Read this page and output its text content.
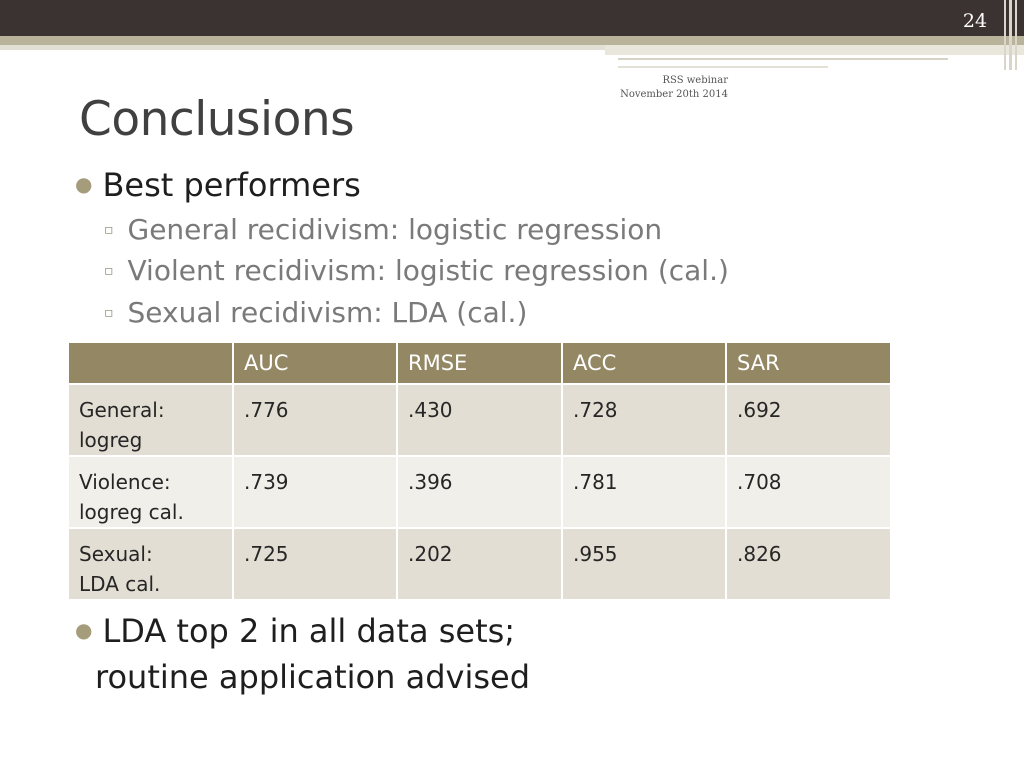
24
RSS webinar
November 20th 2014
Conclusions
● Best performers
▫ General recidivism: logistic regression
▫ Violent recidivism: logistic regression (cal.)
▫ Sexual recidivism: LDA (cal.)
	AUC	RMSE	ACC	SAR

General:
logreg	.776	.430	.728	.692

Violence:
logreg cal.	.739	.396	.781	.708

Sexual:
LDA cal.	.725	.202	.955	.826
● LDA top 2 in all data sets;
routine application advised
